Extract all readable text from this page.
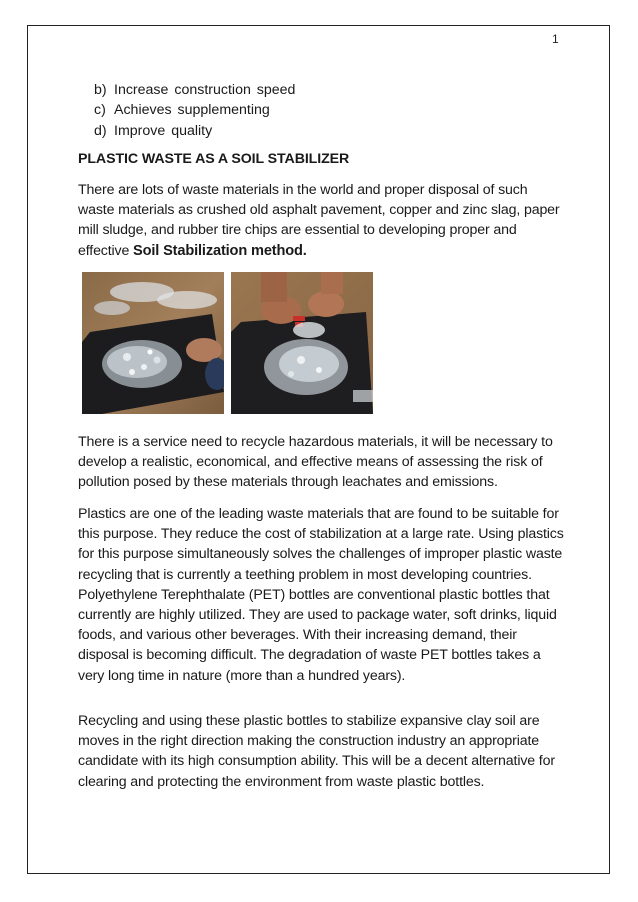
1
b) Increase construction speed
c) Achieves supplementing
d) Improve quality
PLASTIC WASTE AS A SOIL STABILIZER

There are lots of waste materials in the world and proper disposal of such waste materials as crushed old asphalt pavement, copper and zinc slag, paper mill sludge, and rubber tire chips are essential to developing proper and effective Soil Stabilization method.

There is a service need to recycle hazardous materials, it will be necessary to develop a realistic, economical, and effective means of assessing the risk of pollution posed by these materials through leachates and emissions.

Plastics are one of the leading waste materials that are found to be suitable for this purpose. They reduce the cost of stabilization at a large rate. Using plastics for this purpose simultaneously solves the challenges of improper plastic waste recycling that is currently a teething problem in most developing countries. Polyethylene Terephthalate (PET) bottles are conventional plastic bottles that currently are highly utilized. They are used to package water, soft drinks, liquid foods, and various other beverages. With their increasing demand, their disposal is becoming difficult. The degradation of waste PET bottles takes a very long time in nature (more than a hundred years).

Recycling and using these plastic bottles to stabilize expansive clay soil are moves in the right direction making the construction industry an appropriate candidate with its high consumption ability. This will be a decent alternative for clearing and protecting the environment from waste plastic bottles.
